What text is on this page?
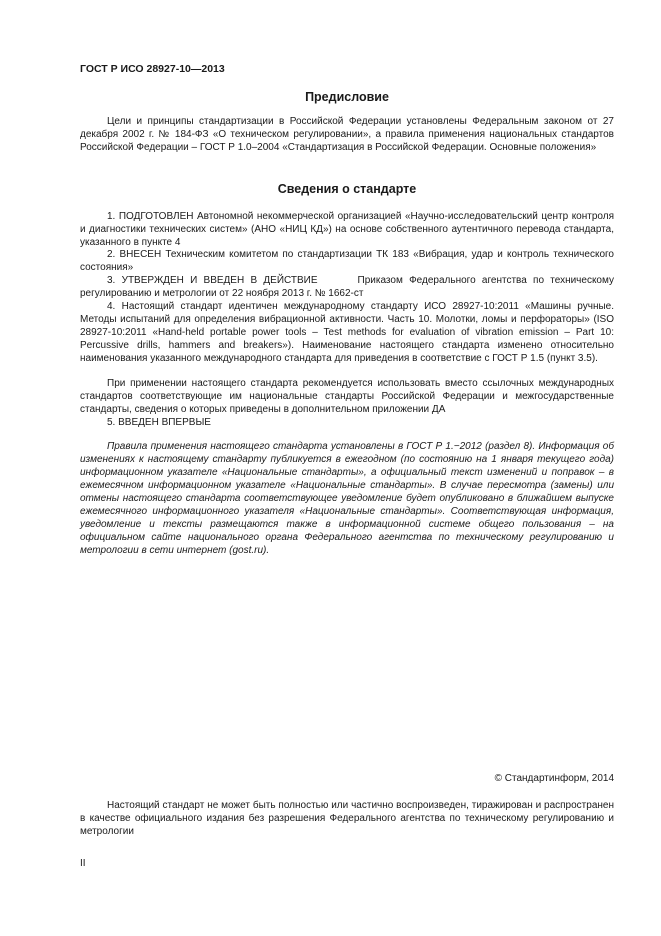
ГОСТ Р ИСО 28927-10—2013
Предисловие
Цели и принципы стандартизации в Российской Федерации установлены Федеральным законом от 27 декабря 2002 г. № 184-ФЗ «О техническом регулировании», а правила применения национальных стандартов Российской Федерации – ГОСТ Р 1.0–2004 «Стандартизация в Российской Федерации. Основные положения»
Сведения о стандарте
1. ПОДГОТОВЛЕН Автономной некоммерческой организацией «Научно-исследовательский центр контроля и диагностики технических систем» (АНО «НИЦ КД») на основе собственного аутентичного перевода стандарта, указанного в пункте 4
2. ВНЕСЕН Техническим комитетом по стандартизации ТК 183 «Вибрация, удар и контроль технического состояния»
3. УТВЕРЖДЕН И ВВЕДЕН В ДЕЙСТВИЕ	Приказом Федерального агентства по техническому регулированию и метрологии от 22 ноября 2013 г. № 1662-ст
4. Настоящий стандарт идентичен международному стандарту ИСО 28927-10:2011 «Машины ручные. Методы испытаний для определения вибрационной активности. Часть 10. Молотки, ломы и перфораторы» (ISO 28927-10:2011 «Hand-held portable power tools – Test methods for evaluation of vibration emission – Part 10: Percussive drills, hammers and breakers»). Наименование настоящего стандарта изменено относительно наименования указанного международного стандарта для приведения в соответствие с ГОСТ Р 1.5 (пункт 3.5).
При применении настоящего стандарта рекомендуется использовать вместо ссылочных международных стандартов соответствующие им национальные стандарты Российской Федерации и межгосударственные стандарты, сведения о которых приведены в дополнительном приложении ДА
5. ВВЕДЕН ВПЕРВЫЕ
Правила применения настоящего стандарта установлены в ГОСТ Р 1.−2012 (раздел 8). Информация об изменениях к настоящему стандарту публикуется в ежегодном (по состоянию на 1 января текущего года) информационном указателе «Национальные стандарты», а официальный текст изменений и поправок – в ежемесячном информационном указателе «Национальные стандарты». В случае пересмотра (замены) или отмены настоящего стандарта соответствующее уведомление будет опубликовано в ближайшем выпуске ежемесячного информационного указателя «Национальные стандарты». Соответствующая информация, уведомление и тексты размещаются также в информационной системе общего пользования – на официальном сайте национального органа Федерального агентства по техническому регулированию и метрологии в сети интернет (gost.ru).
© Стандартинформ, 2014
Настоящий стандарт не может быть полностью или частично воспроизведен, тиражирован и распространен в качестве официального издания без разрешения Федерального агентства по техническому регулированию и метрологии
II
